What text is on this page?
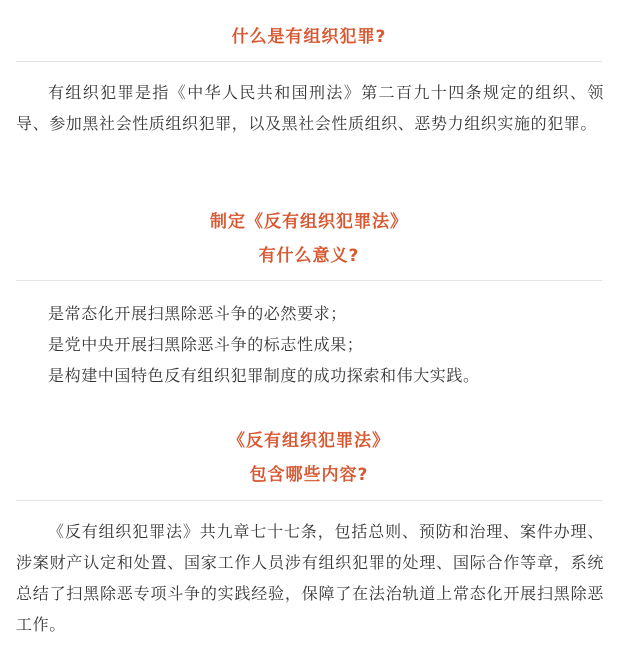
什么是有组织犯罪?

有组织犯罪是指《中华人民共和国刑法》第二百九十四条规定的组织、领导、参加黑社会性质组织犯罪，以及黑社会性质组织、恶势力组织实施的犯罪。

制定《反有组织犯罪法》
有什么意义?
是常态化开展扫黑除恶斗争的必然要求；
是党中央开展扫黑除恶斗争的标志性成果；
是构建中国特色反有组织犯罪制度的成功探索和伟大实践。
《反有组织犯罪法》
包含哪些内容?

《反有组织犯罪法》共九章七十七条，包括总则、预防和治理、案件办理、涉案财产认定和处置、国家工作人员涉有组织犯罪的处理、国际合作等章，系统总结了扫黑除恶专项斗争的实践经验，保障了在法治轨道上常态化开展扫黑除恶工作。
